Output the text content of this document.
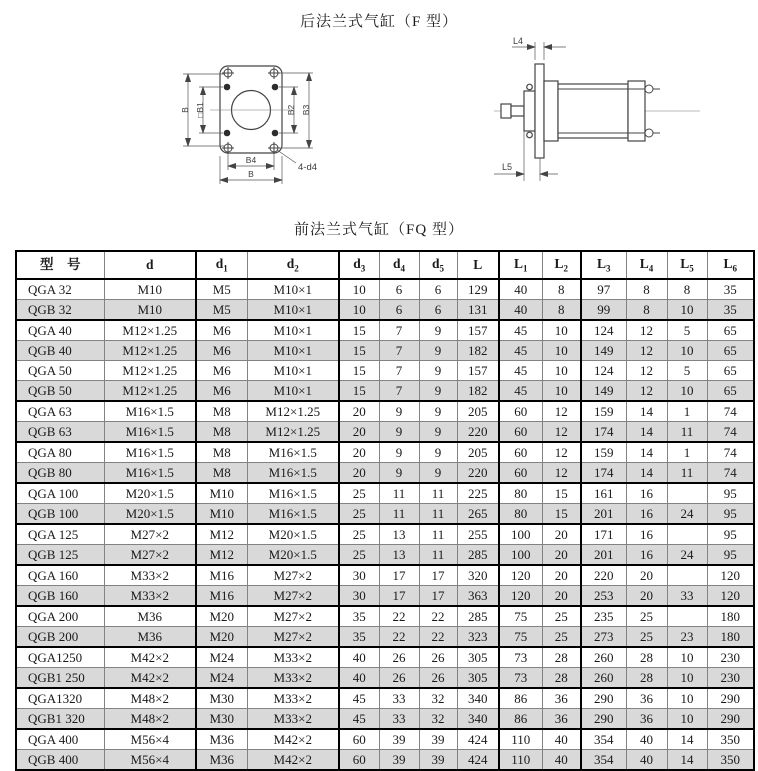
后法兰式气缸（F 型）
B □B1	B2 B3
B4
B
4-d4
L4
L5
前法兰式气缸（FQ 型）
型　号	d	$d_1$	$d_2$	$d_3$	$d_4$	$d_5$	L	$L_1$	$L_2$	$L_3$	$L_4$	$L_5$	$L_6$
QGA 32	M10	M5	M10×1	10	6	6	129	40	8	97	8	8	35
QGB 32	M10	M5	M10×1	10	6	6	131	40	8	99	8	10	35
QGA 40	M12×1.25	M6	M10×1	15	7	9	157	45	10	124	12	5	65
QGB 40	M12×1.25	M6	M10×1	15	7	9	182	45	10	149	12	10	65
QGA 50	M12×1.25	M6	M10×1	15	7	9	157	45	10	124	12	5	65
QGB 50	M12×1.25	M6	M10×1	15	7	9	182	45	10	149	12	10	65
QGA 63	M16×1.5	M8	M12×1.25	20	9	9	205	60	12	159	14	1	74
QGB 63	M16×1.5	M8	M12×1.25	20	9	9	220	60	12	174	14	11	74
QGA 80	M16×1.5	M8	M16×1.5	20	9	9	205	60	12	159	14	1	74
QGB 80	M16×1.5	M8	M16×1.5	20	9	9	220	60	12	174	14	11	74
QGA 100	M20×1.5	M10	M16×1.5	25	11	11	225	80	15	161	16		95
QGB 100	M20×1.5	M10	M16×1.5	25	11	11	265	80	15	201	16	24	95
QGA 125	M27×2	M12	M20×1.5	25	13	11	255	100	20	171	16		95
QGB 125	M27×2	M12	M20×1.5	25	13	11	285	100	20	201	16	24	95
QGA 160	M33×2	M16	M27×2	30	17	17	320	120	20	220	20		120
QGB 160	M33×2	M16	M27×2	30	17	17	363	120	20	253	20	33	120
QGA 200	M36	M20	M27×2	35	22	22	285	75	25	235	25		180
QGB 200	M36	M20	M27×2	35	22	22	323	75	25	273	25	23	180
QGA1250	M42×2	M24	M33×2	40	26	26	305	73	28	260	28	10	230
QGB1 250	M42×2	M24	M33×2	40	26	26	305	73	28	260	28	10	230
QGA1320	M48×2	M30	M33×2	45	33	32	340	86	36	290	36	10	290
QGB1 320	M48×2	M30	M33×2	45	33	32	340	86	36	290	36	10	290
QGA 400	M56×4	M36	M42×2	60	39	39	424	110	40	354	40	14	350
QGB 400	M56×4	M36	M42×2	60	39	39	424	110	40	354	40	14	350
